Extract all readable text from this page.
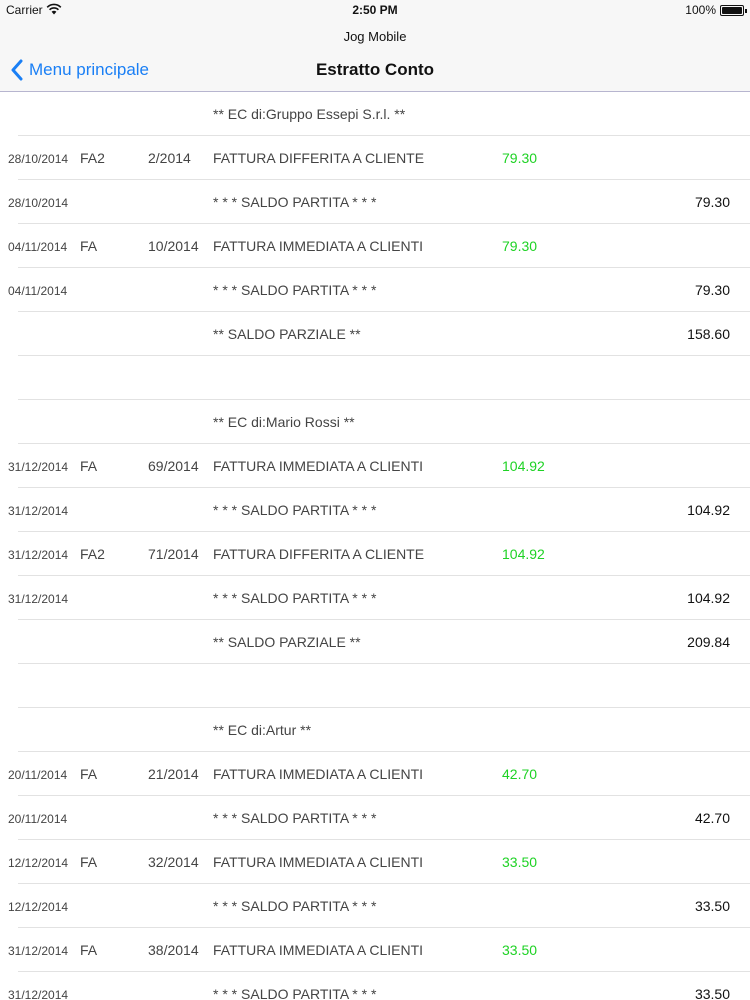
Carrier	2:50 PM	100%
Jog Mobile
Menu principale	Estratto Conto
** EC di:Gruppo Essepi S.r.l. **
28/10/2014 FA2	2/2014 FATTURA DIFFERITA A CLIENTE	79.30
28/10/2014	* * * SALDO PARTITA * * *	79.30
04/11/2014 FA	10/2014 FATTURA IMMEDIATA A CLIENTI	79.30
04/11/2014	* * * SALDO PARTITA * * *	79.30
** SALDO PARZIALE **	158.60
** EC di:Mario Rossi **
31/12/2014 FA	69/2014 FATTURA IMMEDIATA A CLIENTI	104.92
31/12/2014	* * * SALDO PARTITA * * *	104.92
31/12/2014 FA2	71/2014 FATTURA DIFFERITA A CLIENTE	104.92
31/12/2014	* * * SALDO PARTITA * * *	104.92
** SALDO PARZIALE **	209.84
** EC di:Artur **
20/11/2014 FA	21/2014 FATTURA IMMEDIATA A CLIENTI	42.70
20/11/2014	* * * SALDO PARTITA * * *	42.70
12/12/2014 FA	32/2014 FATTURA IMMEDIATA A CLIENTI	33.50
12/12/2014	* * * SALDO PARTITA * * *	33.50
31/12/2014 FA	38/2014 FATTURA IMMEDIATA A CLIENTI	33.50
31/12/2014	* * * SALDO PARTITA * * *	33.50
